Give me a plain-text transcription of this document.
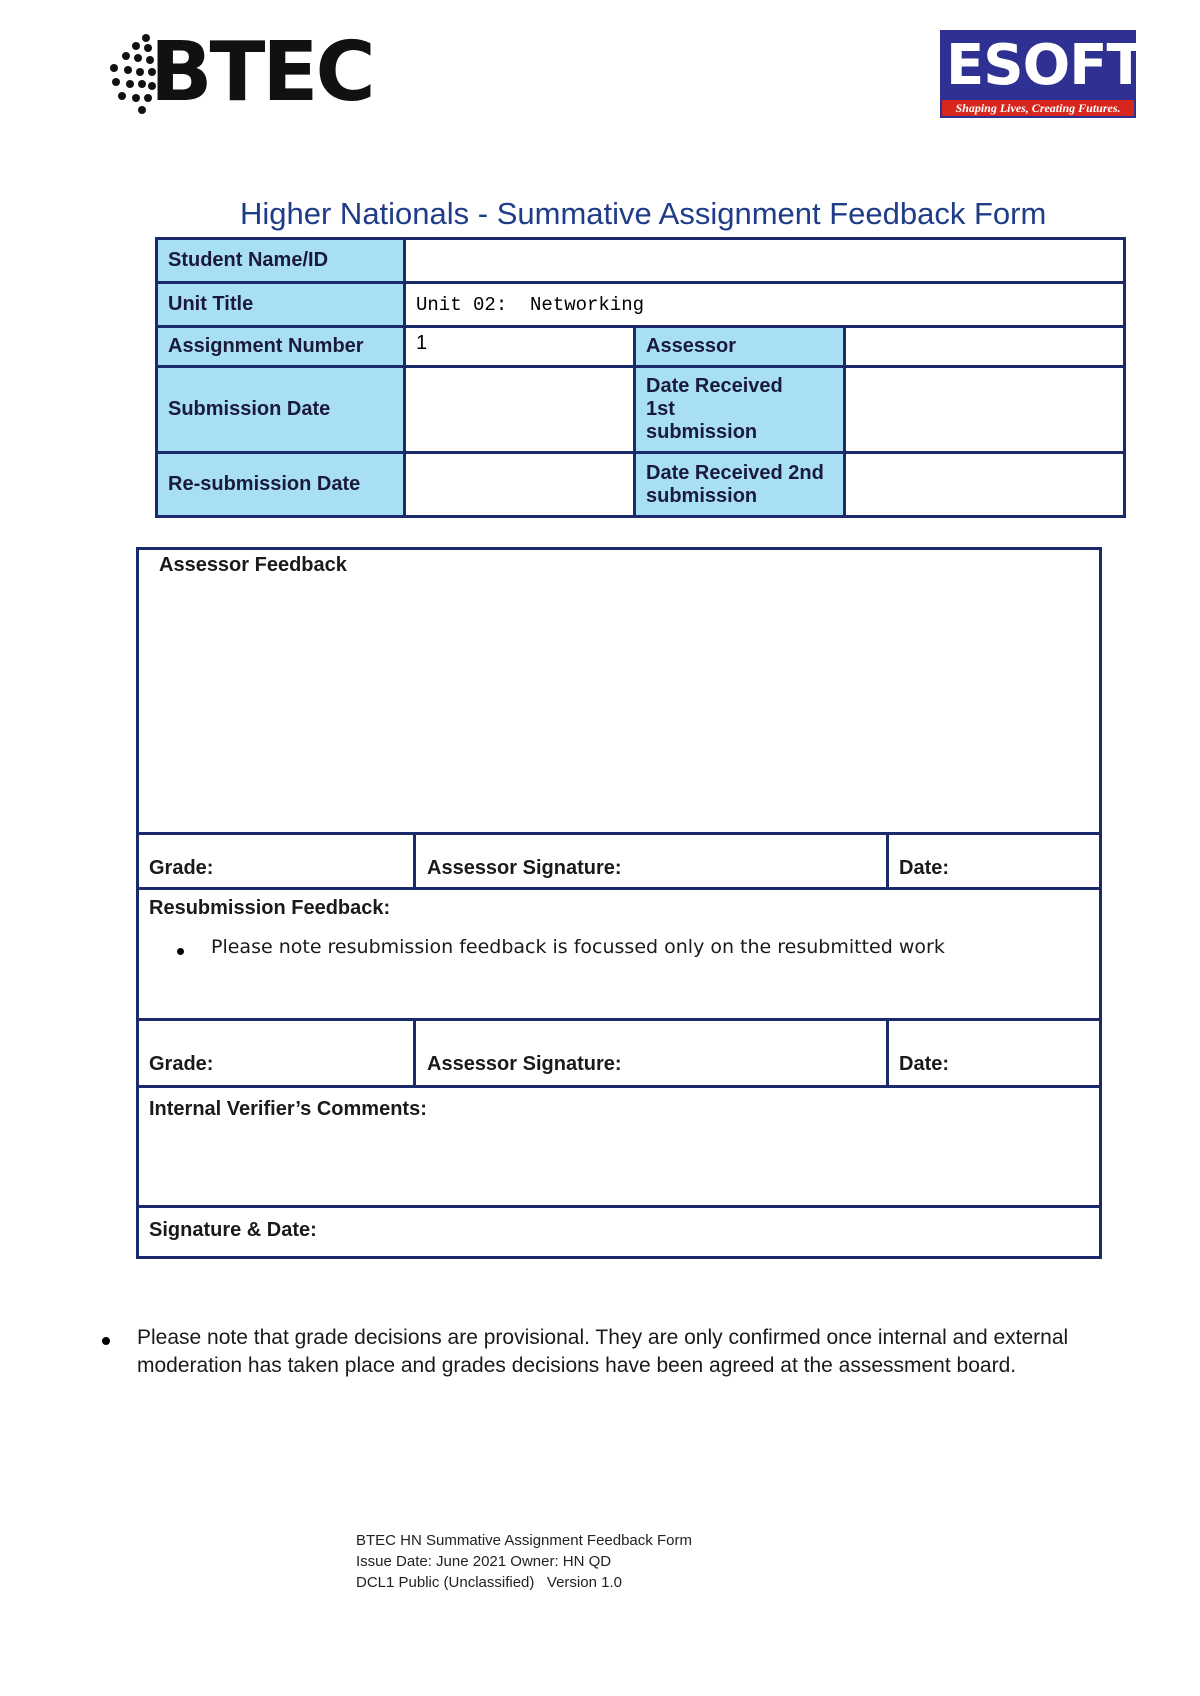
BTEC	ESOFT
Shaping Lives, Creating Futures.
Higher Nationals - Summative Assignment Feedback Form
Student Name/ID			
Unit Title	Unit 02:  Networking		
Assignment Number	1	Assessor	
Submission Date		Date Received 1st submission	
Re-submission Date		Date Received 2nd submission	
Assessor Feedback
Grade:	Assessor Signature:	Date:
Resubmission Feedback:
Please note resubmission feedback is focussed only on the resubmitted work
Grade:	Assessor Signature:	Date:
Internal Verifier’s Comments:
Signature & Date:
Please note that grade decisions are provisional. They are only confirmed once internal and external moderation has taken place and grades decisions have been agreed at the assessment board.
BTEC HN Summative Assignment Feedback Form
Issue Date: June 2021 Owner: HN QD
DCL1 Public (Unclassified)   Version 1.0
